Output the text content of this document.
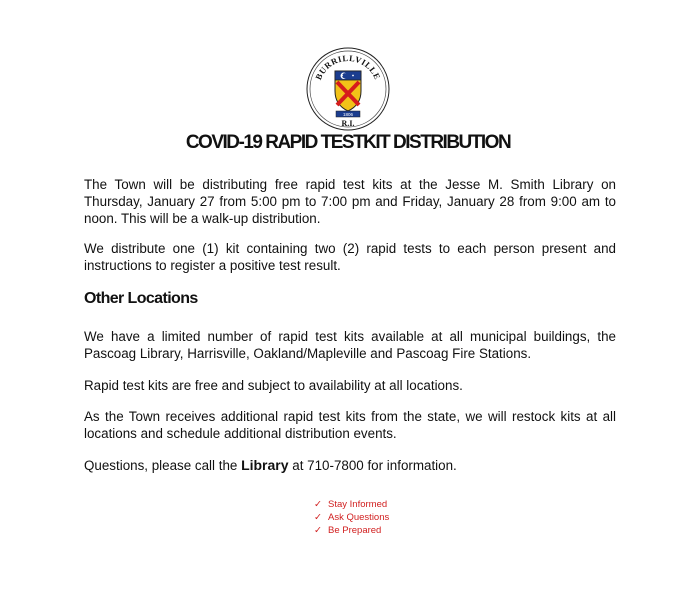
BURRILLVILLE
1806
R.I.
COVID-19 RAPID TESTKIT DISTRIBUTION

The Town will be distributing free rapid test kits at the Jesse M. Smith Library on Thursday, January 27 from 5:00 pm to 7:00 pm and Friday, January 28 from 9:00 am to noon. This will be a walk-up distribution.

We distribute one (1) kit containing two (2) rapid tests to each person present and instructions to register a positive test result.

Other Locations

We have a limited number of rapid test kits available at all municipal buildings, the Pascoag Library, Harrisville, Oakland/Mapleville and Pascoag Fire Stations.

Rapid test kits are free and subject to availability at all locations.

As the Town receives additional rapid test kits from the state, we will restock kits at all locations and schedule additional distribution events.

Questions, please call the Library at 710-7800 for information.

✓ Stay Informed
✓ Ask Questions
✓ Be Prepared
